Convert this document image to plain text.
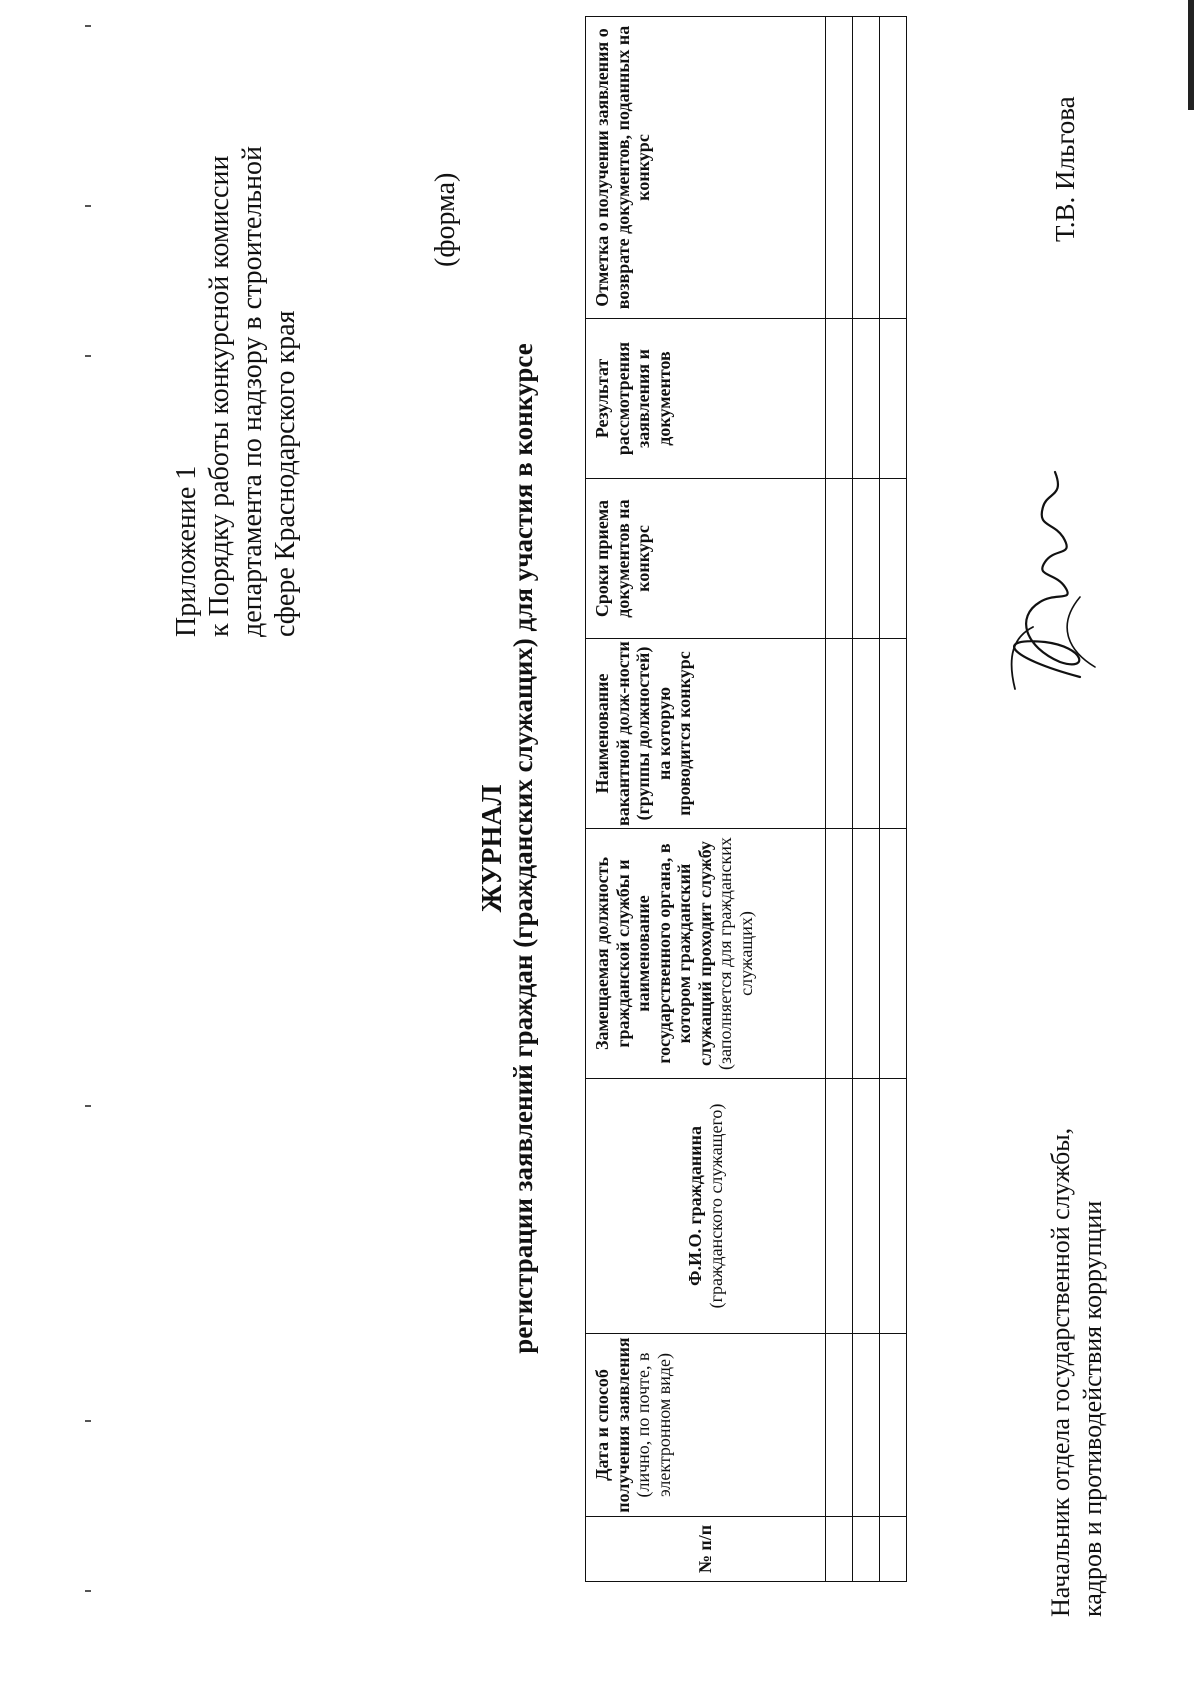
Приложение 1 к Порядку работы конкурсной комиссии департамента по надзору в строительной сфере Краснодарского края
(форма)
ЖУРНАЛ регистрации заявлений граждан (гражданских служащих) для участия в конкурсе
№ п/п	Дата и способ получения заявления (лично, по почте, в электронном виде)	Ф.И.О. гражданина (гражданского служащего)	Замещаемая должность гражданской службы и наименование государственного органа, в котором гражданский служащий проходит службу (заполняется для гражданских служащих)	Наименование вакантной долж-ности (группы должностей) на которую проводится конкурс	Сроки приема документов на конкурс	Результат рассмотрения заявления и документов	Отметка о получении заявления о возврате документов, поданных на конкурс

Начальник отдела государственной службы, кадров и противодействия коррупции
Т.В. Ильгова
